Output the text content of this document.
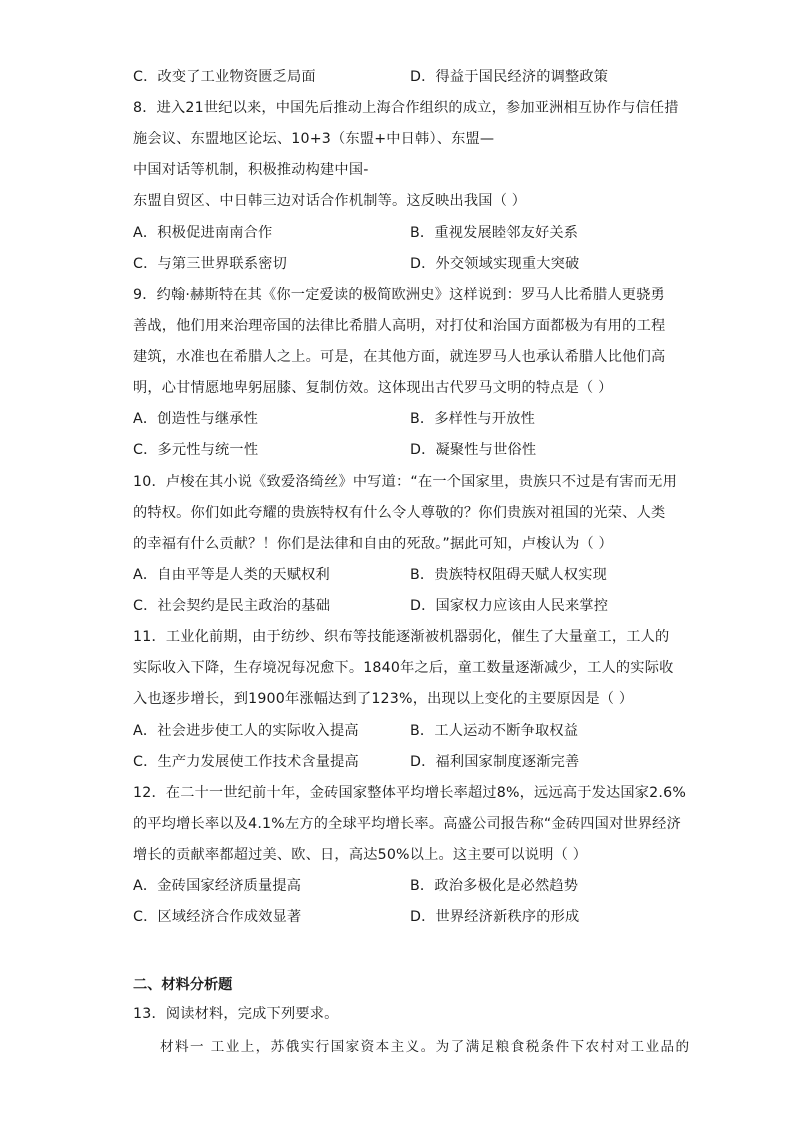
C．改变了工业物资匮乏局面	D．得益于国民经济的调整政策
8．进入21世纪以来，中国先后推动上海合作组织的成立，参加亚洲相互协作与信任措
施会议、东盟地区论坛、10+3（东盟+中日韩）、东盟—
中国对话等机制，积极推动构建中国-
东盟自贸区、中日韩三边对话合作机制等。这反映出我国（ ）
A．积极促进南南合作	B．重视发展睦邻友好关系
C．与第三世界联系密切	D．外交领域实现重大突破
9．约翰·赫斯特在其《你一定爱读的极简欧洲史》这样说到：罗马人比希腊人更骁勇
善战，他们用来治理帝国的法律比希腊人高明，对打仗和治国方面都极为有用的工程
建筑，水准也在希腊人之上。可是，在其他方面，就连罗马人也承认希腊人比他们高
明，心甘情愿地卑躬屈膝、复制仿效。这体现出古代罗马文明的特点是（ ）
A．创造性与继承性	B．多样性与开放性
C．多元性与统一性	D．凝聚性与世俗性
10．卢梭在其小说《致爱洛绮丝》中写道：“在一个国家里，贵族只不过是有害而无用
的特权。你们如此夸耀的贵族特权有什么令人尊敬的？你们贵族对祖国的光荣、人类
的幸福有什么贡献？！你们是法律和自由的死敌。”据此可知，卢梭认为（ ）
A．自由平等是人类的天赋权利	B．贵族特权阻碍天赋人权实现
C．社会契约是民主政治的基础	D．国家权力应该由人民来掌控
11．工业化前期，由于纺纱、织布等技能逐渐被机器弱化，催生了大量童工，工人的
实际收入下降，生存境况每况愈下。1840年之后，童工数量逐渐减少，工人的实际收
入也逐步增长，到1900年涨幅达到了123%，出现以上变化的主要原因是（ ）
A．社会进步使工人的实际收入提高	B．工人运动不断争取权益
C．生产力发展使工作技术含量提高	D．福利国家制度逐渐完善
12．在二十一世纪前十年，金砖国家整体平均增长率超过8%，远远高于发达国家2.6%
的平均增长率以及4.1%左方的全球平均增长率。高盛公司报告称“金砖四国对世界经济
增长的贡献率都超过美、欧、日，高达50%以上。这主要可以说明（ ）
A．金砖国家经济质量提高	B．政治多极化是必然趋势
C．区域经济合作成效显著	D．世界经济新秩序的形成
二、材料分析题
13．阅读材料，完成下列要求。
材料一 工业上，苏俄实行国家资本主义。为了满足粮食税条件下农村对工业品的
